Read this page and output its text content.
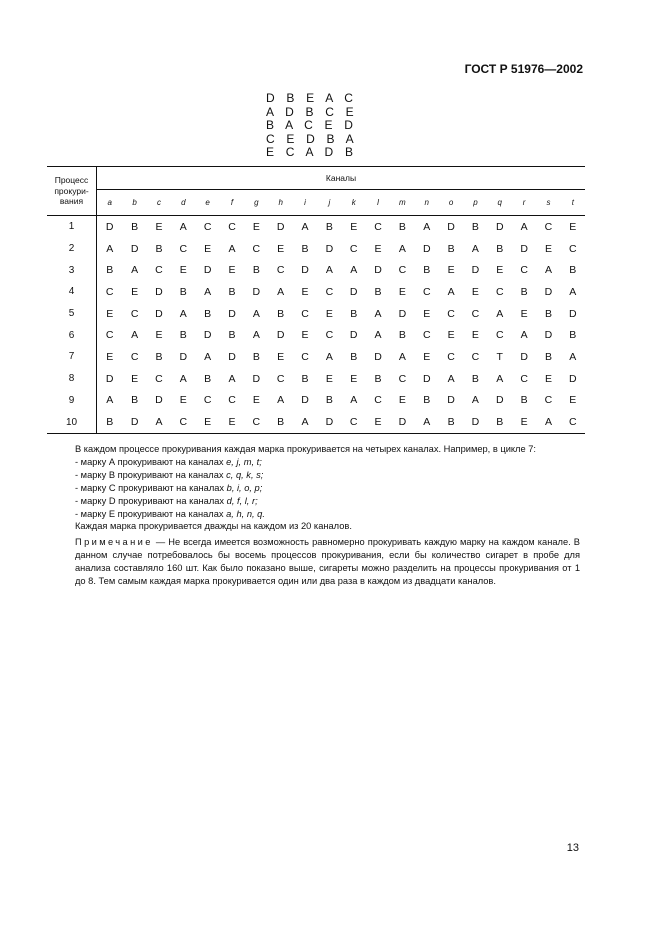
ГОСТ Р 51976—2002
D B E A C
A D B C E
B A C E D
C E D B A
E C A D B
Процесс прокури- вания	Каналы																			
	a	b	c	d	e	f	g	h	i	j	k	l	m	n	o	p	q	r	s	t
1	D	B	E	A	C	C	E	D	A	B	E	C	B	A	D	B	D	A	C	E
2	A	D	B	C	E	A	C	E	B	D	C	E	A	D	B	A	B	D	E	C
3	B	A	C	E	D	E	B	C	D	A	A	D	C	B	E	D	E	C	A	B
4	C	E	D	B	A	B	D	A	E	C	D	B	E	C	A	E	C	B	D	A
5	E	C	D	A	B	D	A	B	C	E	B	A	D	E	C	C	A	E	B	D
6	C	A	E	B	D	B	A	D	E	C	D	A	B	C	E	E	C	A	D	B
7	E	C	B	D	A	D	B	E	C	A	B	D	A	E	C	C	T	D	B	A
8	D	E	C	A	B	A	D	C	B	E	E	B	C	D	A	B	A	C	E	D
9	A	B	D	E	C	C	E	A	D	B	A	C	E	B	D	A	D	B	C	E
10	B	D	A	C	E	E	C	B	A	D	C	E	D	A	B	D	B	E	A	C
В каждом процессе прокуривания каждая марка прокуривается на четырех каналах. Например, в цикле 7:
- марку А прокуривают на каналах e, j, m, t;
- марку В прокуривают на каналах c, q, k, s;
- марку С прокуривают на каналах b, i, o, p;
- марку D прокуривают на каналах d, f, l, r;
- марку Е прокуривают на каналах a, h, n, q.
Каждая марка прокуривается дважды на каждом из 20 каналов.
Примечание — Не всегда имеется возможность равномерно прокуривать каждую марку на каждом канале. В данном случае потребовалось бы восемь процессов прокуривания, если бы количество сигарет в пробе для анализа составляло 160 шт. Как было показано выше, сигареты можно разделить на процессы прокуривания от 1 до 8. Тем самым каждая марка прокуривается один или два раза в каждом из двадцати каналов.
13
